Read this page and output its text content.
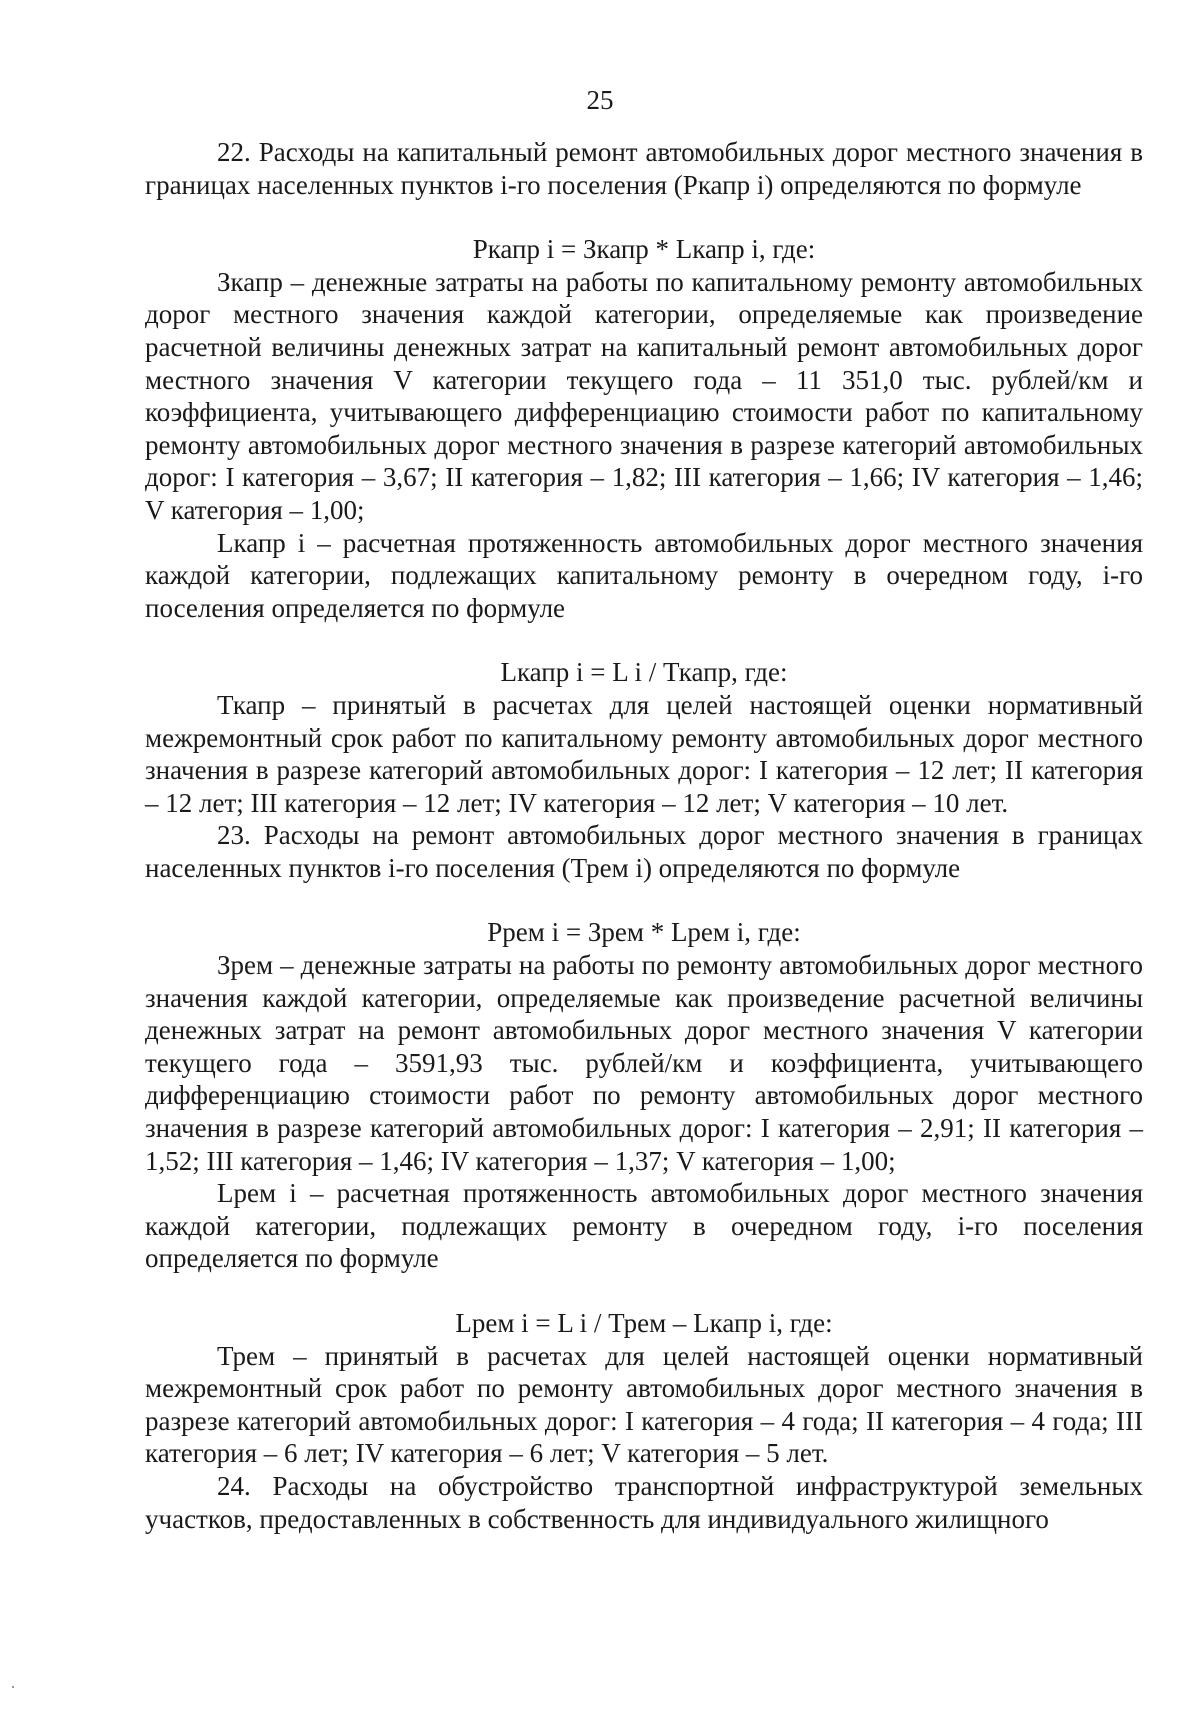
25

22. Расходы на капитальный ремонт автомобильных дорог местного значения в границах населенных пунктов i-го поселения (Ркапр i) определяются по формуле

Ркапр i = Зкапр * Lкапр i, где:

Зкапр – денежные затраты на работы по капитальному ремонту автомобильных дорог местного значения каждой категории, определяемые как произведение расчетной величины денежных затрат на капитальный ремонт автомобильных дорог местного значения V категории текущего года – 11 351,0 тыс. рублей/км и коэффициента, учитывающего дифференциацию стоимости работ по капитальному ремонту автомобильных дорог местного значения в разрезе категорий автомобильных дорог: I категория – 3,67; II категория – 1,82; III категория – 1,66; IV категория – 1,46; V категория – 1,00;

Lкапр i – расчетная протяженность автомобильных дорог местного значения каждой категории, подлежащих капитальному ремонту в очередном году, i-го поселения определяется по формуле

Lкапр i = L i / Ткапр, где:

Ткапр – принятый в расчетах для целей настоящей оценки нормативный межремонтный срок работ по капитальному ремонту автомобильных дорог местного значения в разрезе категорий автомобильных дорог: I категория – 12 лет; II категория – 12 лет; III категория – 12 лет; IV категория – 12 лет; V категория – 10 лет.

23. Расходы на ремонт автомобильных дорог местного значения в границах населенных пунктов i-го поселения (Трем i) определяются по формуле

Ррем i = Зрем * Lрем i, где:

Зрем – денежные затраты на работы по ремонту автомобильных дорог местного значения каждой категории, определяемые как произведение расчетной величины денежных затрат на ремонт автомобильных дорог местного значения V категории текущего года – 3591,93 тыс. рублей/км и коэффициента, учитывающего дифференциацию стоимости работ по ремонту автомобильных дорог местного значения в разрезе категорий автомобильных дорог: I категория – 2,91; II категория – 1,52; III категория – 1,46; IV категория – 1,37; V категория – 1,00;

Lрем i – расчетная протяженность автомобильных дорог местного значения каждой категории, подлежащих ремонту в очередном году, i-го поселения определяется по формуле

Lрем i = L i / Трем – Lкапр i, где:

Трем – принятый в расчетах для целей настоящей оценки нормативный межремонтный срок работ по ремонту автомобильных дорог местного значения в разрезе категорий автомобильных дорог: I категория – 4 года; II категория – 4 года; III категория – 6 лет; IV категория – 6 лет; V категория – 5 лет.

24. Расходы на обустройство транспортной инфраструктурой земельных участков, предоставленных в собственность для индивидуального жилищного
